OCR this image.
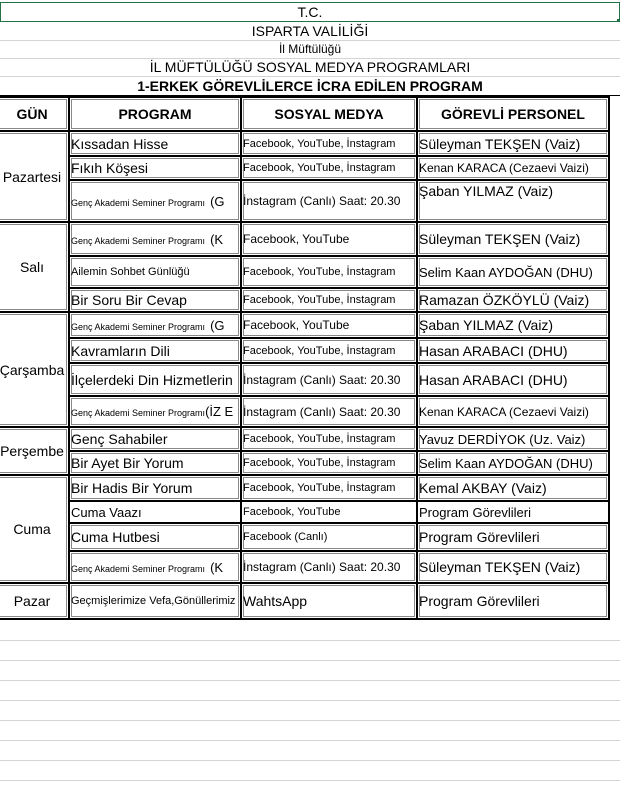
T.C.
ISPARTA VALİLİĞİ
İl Müftülüğü
İL MÜFTÜLÜĞÜ SOSYAL MEDYA PROGRAMLARI
1-ERKEK GÖREVLİLERCE İCRA EDİLEN PROGRAM
GÜN	PROGRAM	SOSYAL MEDYA	GÖREVLİ PERSONEL
Pazartesi	Kıssadan Hisse	Facebook, YouTube, İnstagram	Süleyman TEKŞEN (Vaiz)
	Fıkıh Köşesi	Facebook, YouTube, İnstagram	Kenan KARACA (Cezaevi Vaizi)
	Genç Akademi Seminer Programı (G	İnstagram (Canlı) Saat: 20.30	Şaban YILMAZ (Vaiz)
Salı	Genç Akademi Seminer Programı (K	Facebook, YouTube	Süleyman TEKŞEN (Vaiz)
	Ailemin Sohbet Günlüğü	Facebook, YouTube, İnstagram	Selim Kaan AYDOĞAN (DHU)
	Bir Soru Bir Cevap	Facebook, YouTube, İnstagram	Ramazan ÖZKÖYLÜ (Vaiz)
Çarşamba	Genç Akademi Seminer Programı (G	Facebook, YouTube	Şaban YILMAZ (Vaiz)
	Kavramların Dili	Facebook, YouTube, İnstagram	Hasan ARABACI (DHU)
	İlçelerdeki Din Hizmetlerin	İnstagram (Canlı) Saat: 20.30	Hasan ARABACI (DHU)
	Genç Akademi Seminer Programı(İZ E	İnstagram (Canlı) Saat: 20.30	Kenan KARACA (Cezaevi Vaizi)
Perşembe	Genç Sahabiler	Facebook, YouTube, İnstagram	Yavuz DERDİYOK (Uz. Vaiz)
	Bir Ayet Bir Yorum	Facebook, YouTube, İnstagram	Selim Kaan AYDOĞAN (DHU)
Cuma	Bir Hadis Bir Yorum	Facebook, YouTube, İnstagram	Kemal AKBAY (Vaiz)
	Cuma Vaazı	Facebook, YouTube	Program Görevlileri
	Cuma Hutbesi	Facebook (Canlı)	Program Görevlileri
	Genç Akademi Seminer Programı (K	İnstagram (Canlı) Saat: 20.30	Süleyman TEKŞEN (Vaiz)
Pazar	Geçmişlerimize Vefa,Gönüllerimiz	WahtsApp	Program Görevlileri
